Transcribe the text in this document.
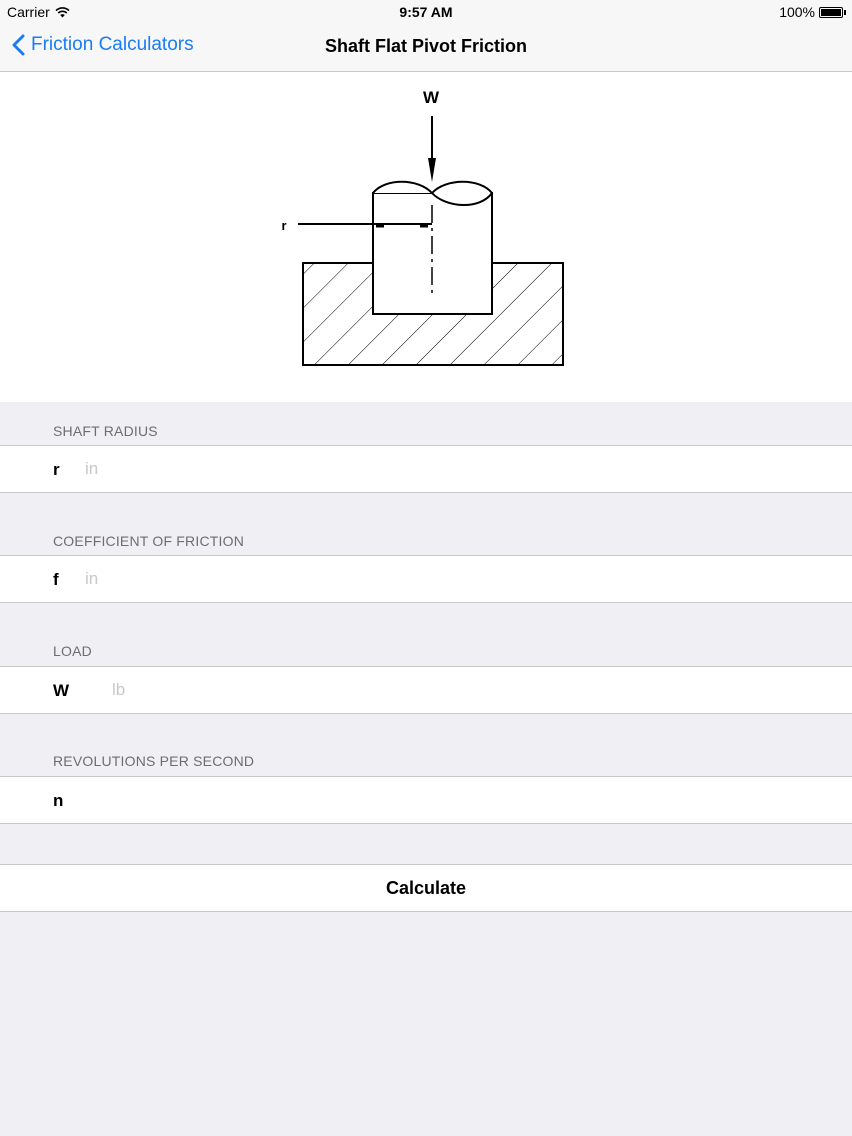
Carrier	9:57 AM	100%
Friction Calculators	Shaft Flat Pivot Friction
W
r
SHAFT RADIUS
r
in
COEFFICIENT OF FRICTION
f
in
LOAD
W
lb
REVOLUTIONS PER SECOND
n
Calculate
